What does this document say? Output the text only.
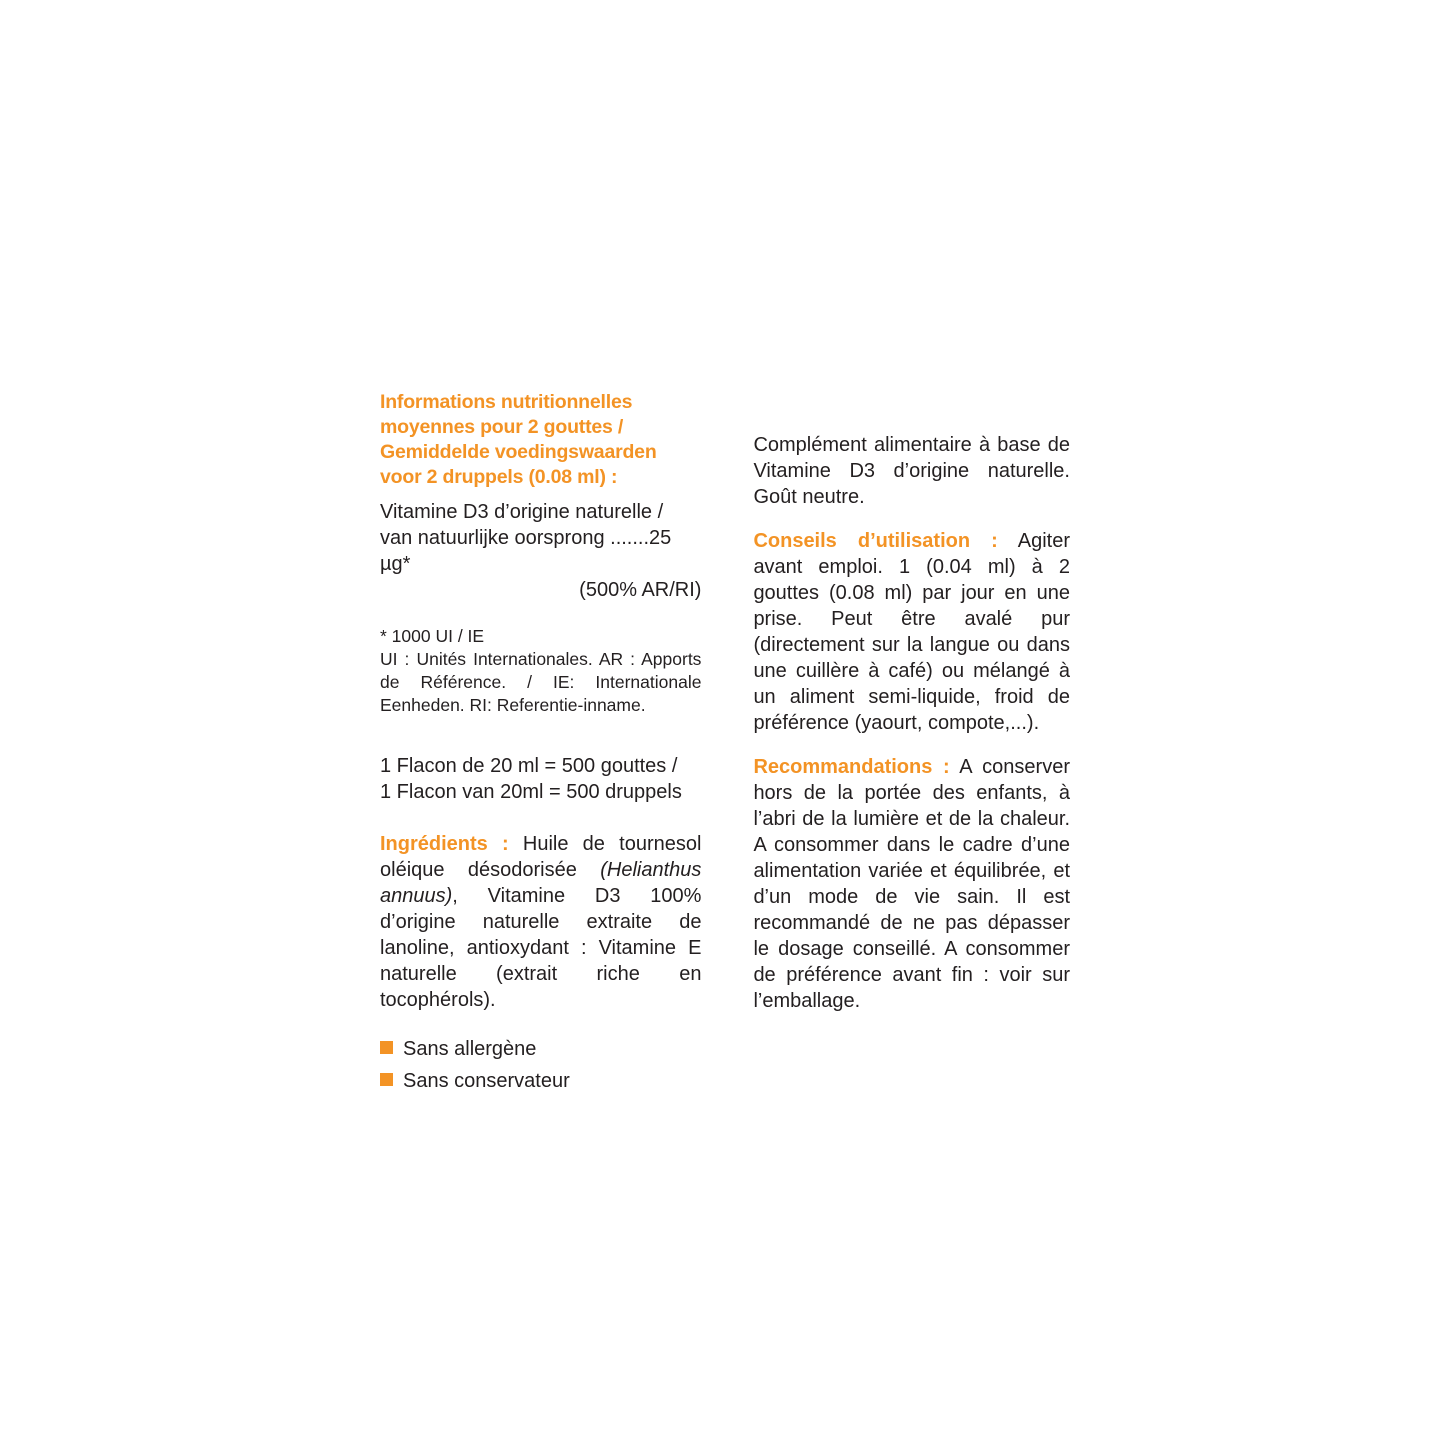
Informations nutritionnelles
moyennes pour 2 gouttes /
Gemiddelde voedingswaarden
voor 2 druppels (0.08 ml) :
Vitamine D3 d’origine naturelle /
van natuurlijke oorsprong .......25 µg*
(500% AR/RI)
* 1000 UI / IE
UI : Unités Internationales. AR : Apports de Référence. / IE: Internationale Eenheden. RI: Referentie-inname.
1 Flacon de 20 ml = 500 gouttes /
1 Flacon van 20ml = 500 druppels
Ingrédients : Huile de tournesol oléique désodorisée (Helianthus annuus), Vitamine D3 100% d’origine naturelle extraite de lanoline, antioxydant : Vitamine E naturelle (extrait riche en tocophérols).
Sans allergène
Sans conservateur
Complément alimentaire à base de Vitamine D3 d’origine naturelle. Goût neutre.
Conseils d’utilisation : Agiter avant emploi. 1 (0.04 ml) à 2 gouttes (0.08 ml) par jour en une prise. Peut être avalé pur (directement sur la langue ou dans une cuillère à café) ou mélangé à un aliment semi-liquide, froid de préférence (yaourt, compote,...).
Recommandations : A conserver hors de la portée des enfants, à l’abri de la lumière et de la chaleur. A consommer dans le cadre d’une alimentation variée et équilibrée, et d’un mode de vie sain. Il est recommandé de ne pas dépasser le dosage conseillé. A consommer de préférence avant fin : voir sur l’emballage.
